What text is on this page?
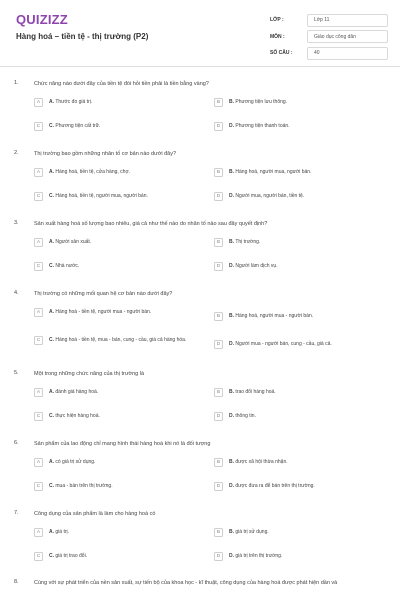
QUIZIZZ
Hàng hoá – tiền tệ - thị trường (P2)
LỚP :	Lớp 11
MÔN :	Giáo dục công dân
SỐ CÂU :	40
1.	Chức năng nào dưới đây của tiền tệ đòi hỏi tiền phải là tiền bằng vàng?
A	A. Thước đo giá trị.	B	B. Phương tiện lưu thông.
C	C. Phương tiện cất trữ.	D	D. Phương tiện thanh toán.
2.	Thị trường bao gồm những nhân tố cơ bản nào dưới đây?
A	A. Hàng hoá, tiền tệ, cửa hàng, chợ.	B	B. Hàng hoá, người mua, người bán.
C	C. Hàng hoá, tiền tệ, người mua, người bán.	D	D. Người mua, người bán, tiền tệ.
3.	Sản xuất hàng hoá số lượng bao nhiêu, giá cả như thế nào do nhân tố nào sau đây quyết định?
A	A. Người sản xuất.	B	B. Thị trường.
C	C. Nhà nước.	D	D. Người làm dịch vụ.
4.	Thị trường có những mối quan hệ cơ bản nào dưới đây?
A	A. Hàng hoá - tiền tệ, người mua - người bán.
B	B. Hàng hoá, người mua - người bán.
C	C. Hàng hoá - tiền tệ, mua - bán, cung - cầu, giá cả hàng hóa.
D	D. Người mua - người bán, cung - cầu, giá cả.
5.	Một trong những chức năng của thị trường là
A	A. đánh giá hàng hoá.	B	B. trao đổi hàng hoá.
C	C. thực hiện hàng hoá.	D	D. thông tin.
6.	Sản phẩm của lao động chỉ mang hình thái hàng hoá khi nó là đối tượng
A	A. có giá trị sử dụng.	B	B. được xã hội thừa nhận.
C	C. mua - bán trên thị trường.	D	D. được đưa ra để bán trên thị trường.
7.	Công dụng của sản phẩm là làm cho hàng hoá có
A	A. giá trị.	B	B. giá trị sử dụng.
C	C. giá trị trao đổi.	D	D. giá trị trên thị trường.
8.	Cùng với sự phát triển của nền sản xuất, sự tiến bộ của khoa học - kĩ thuật, công dụng của hàng hoá được phát hiện dần và
